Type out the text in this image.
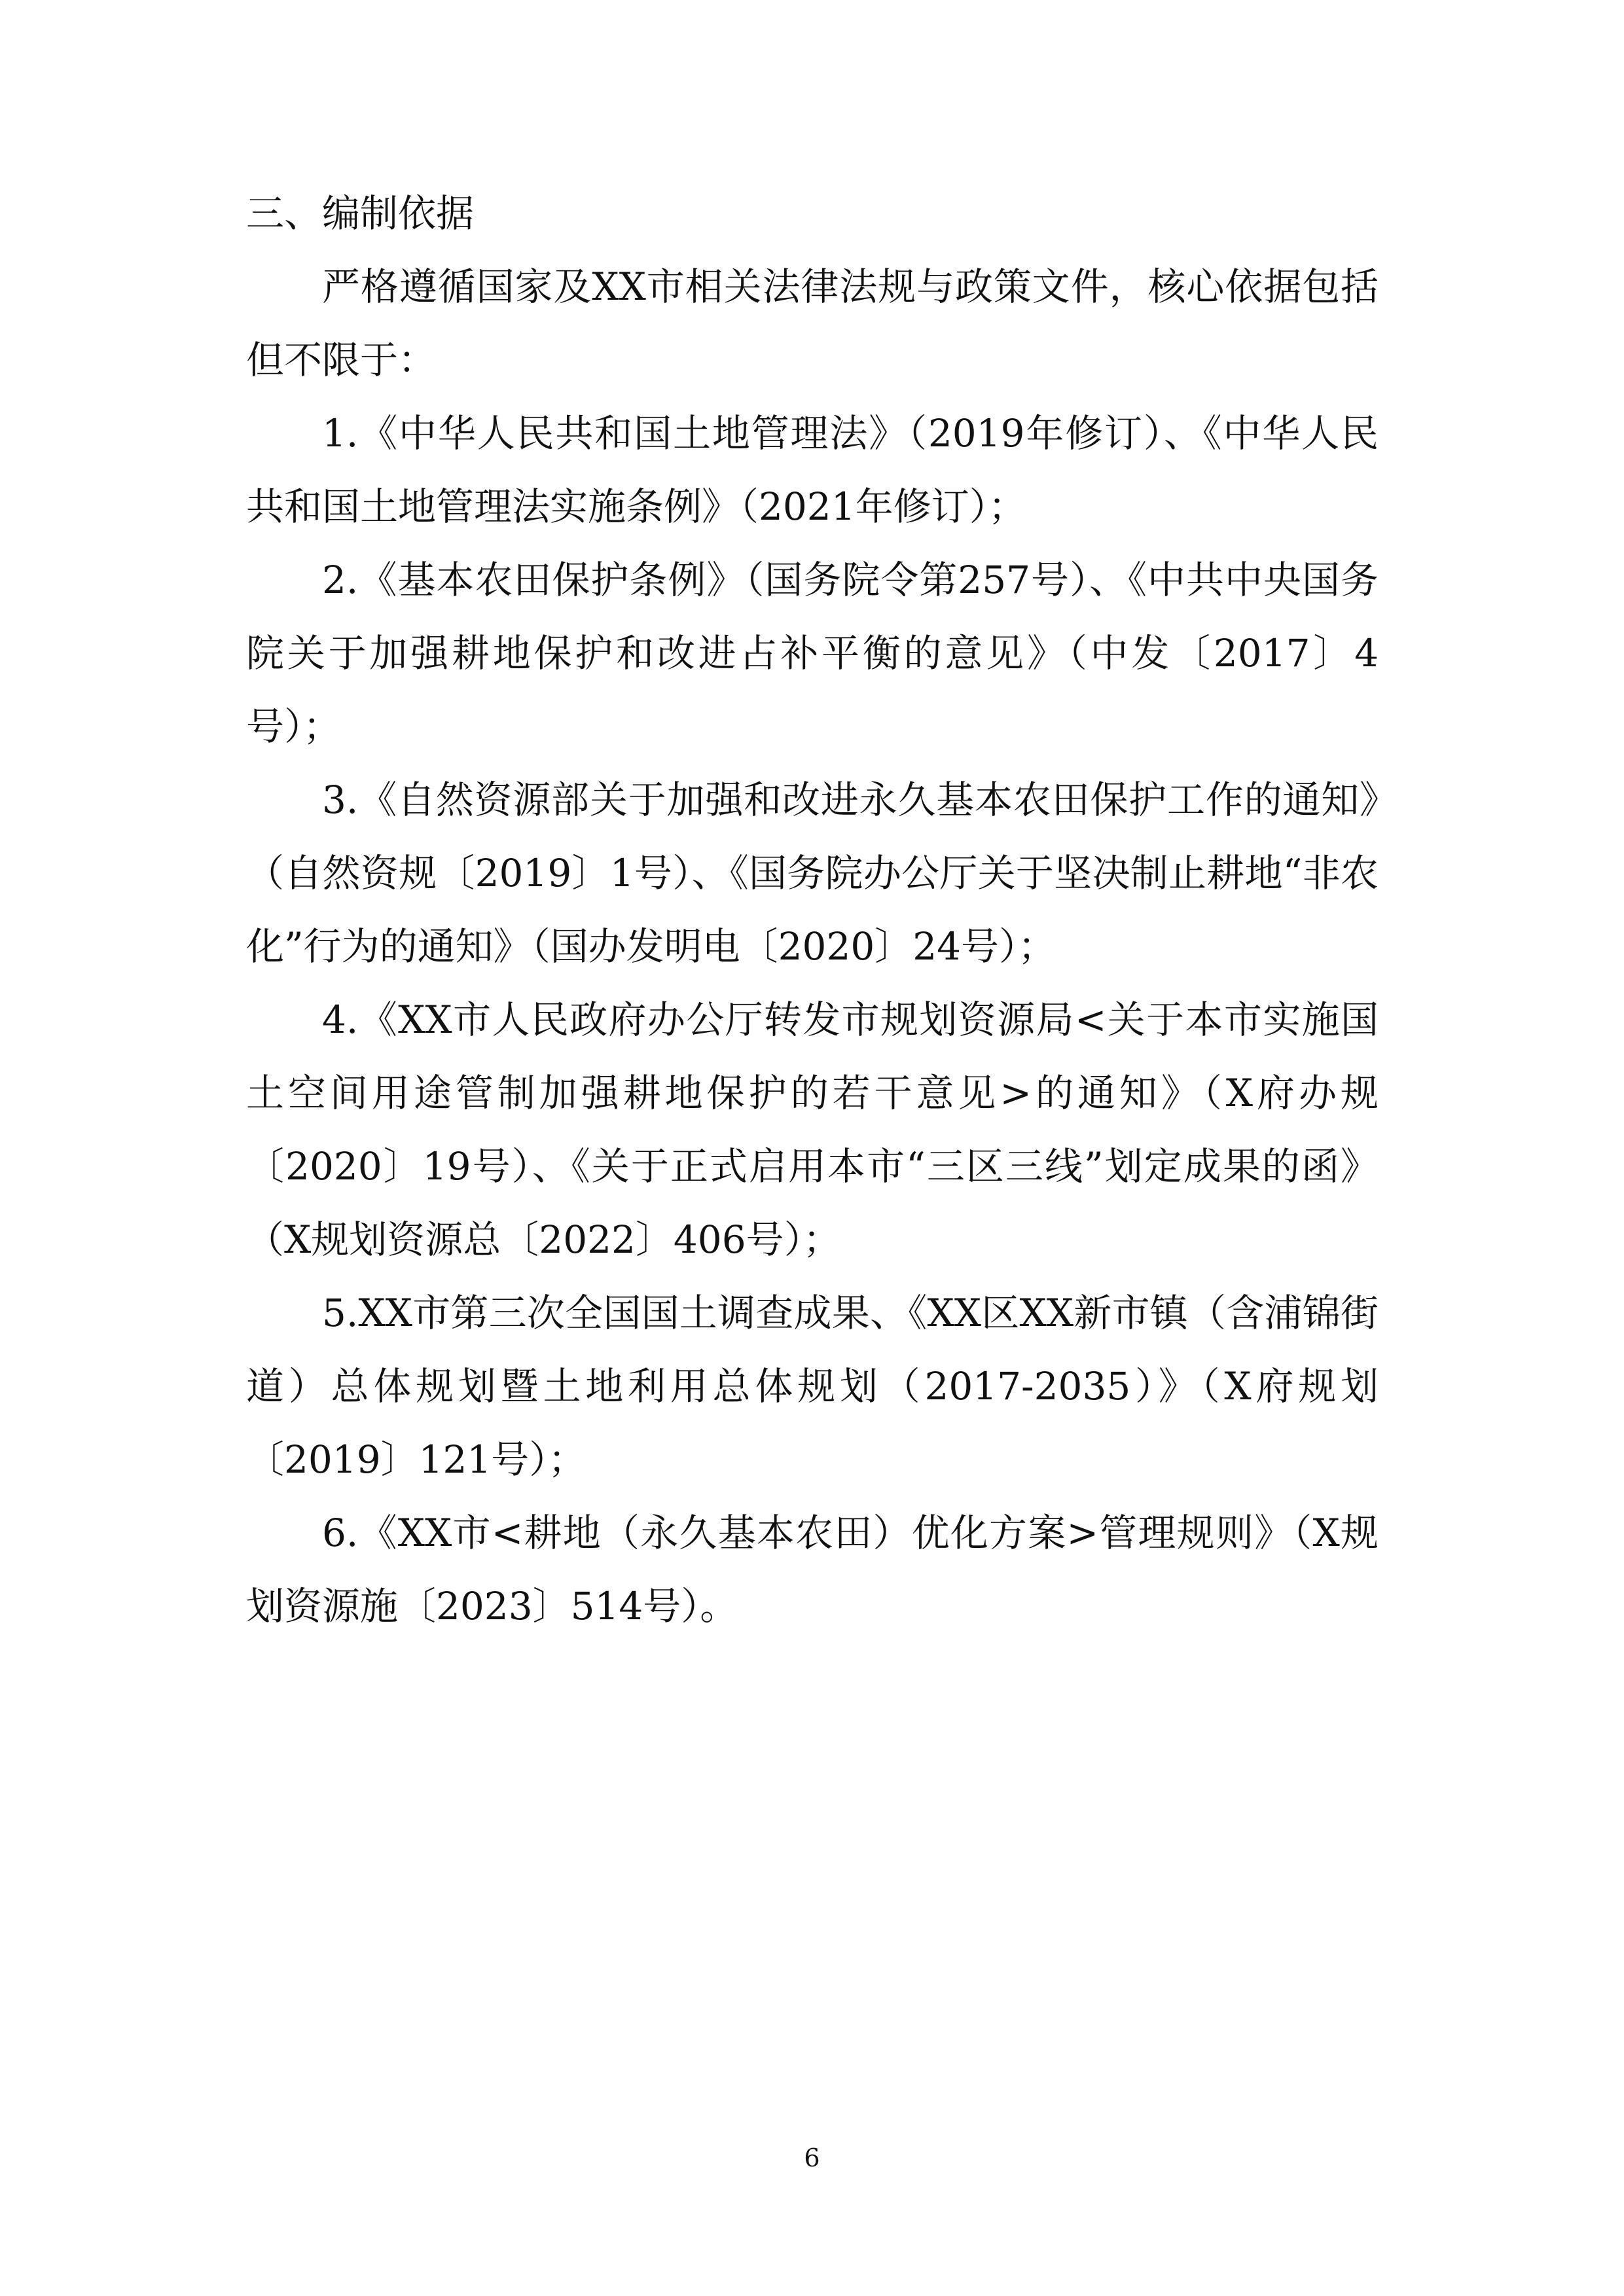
三、编制依据

严格遵循国家及XX市相关法律法规与政策文件，核心依据包括但不限于：

1.《中华人民共和国土地管理法》（2019年修订）、《中华人民共和国土地管理法实施条例》（2021年修订）；

2.《基本农田保护条例》（国务院令第257号）、《中共中央国务院关于加强耕地保护和改进占补平衡的意见》（中发〔2017〕4号）；

3.《自然资源部关于加强和改进永久基本农田保护工作的通知》（自然资规〔2019〕1号）、《国务院办公厅关于坚决制止耕地“非农化”行为的通知》（国办发明电〔2020〕24号）；

4.《XX市人民政府办公厅转发市规划资源局<关于本市实施国土空间用途管制加强耕地保护的若干意见>的通知》（X府办规〔2020〕19号）、《关于正式启用本市“三区三线”划定成果的函》（X规划资源总〔2022〕406号）；

5.XX市第三次全国国土调查成果、《XX区XX新市镇（含浦锦街道）总体规划暨土地利用总体规划（2017-2035）》（X府规划〔2019〕121号）；

6.《XX市<耕地（永久基本农田）优化方案>管理规则》（X规划资源施〔2023〕514号）。

6
